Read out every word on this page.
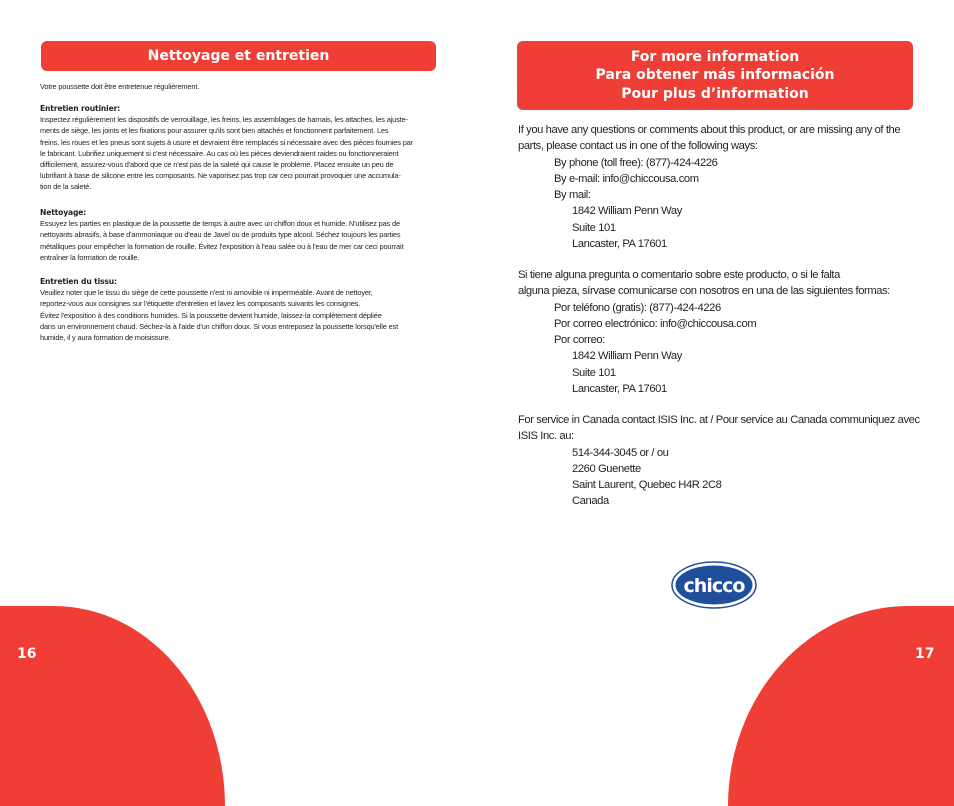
Nettoyage et entretien
Votre poussette doit être entretenue régulièrement.
Entretien routinier:
Inspectez régulièrement les dispositifs de verrouillage, les freins, les assemblages de harnais, les attaches, les ajuste-
ments de siège, les joints et les fixations pour assurer qu'ils sont bien attachés et fonctionnent parfaitement. Les
freins, les roues et les pneus sont sujets à usure et devraient être remplacés si nécessaire avec des pièces fournies par
le fabricant. Lubrifiez uniquement si c'est nécessaire. Au cas où les pièces deviendraient raides ou fonctionneraient
difficilement, assurez-vous d'abord que ce n'est pas de la saleté qui cause le problème. Placez ensuite un peu de
lubrifiant à base de silicone entre les composants. Ne vaporisez pas trop car ceci pourrait provoquer une accumula-
tion de la saleté.
Nettoyage:
Essuyez les parties en plastique de la poussette de temps à autre avec un chiffon doux et humide. N'utilisez pas de
nettoyants abrasifs, à base d'ammoniaque ou d'eau de Javel ou de produits type alcool. Séchez toujours les parties
métalliques pour empêcher la formation de rouille. Évitez l'exposition à l'eau salée ou à l'eau de mer car ceci pourrait
entraîner la formation de rouille.
Entretien du tissu:
Veuillez noter que le tissu du siège de cette poussette n'est ni amovible ni imperméable. Avant de nettoyer,
reportez-vous aux consignes sur l'étiquette d'entretien et lavez les composants suivants les consignes.
Évitez l'exposition à des conditions humides. Si la poussette devient humide, laissez-la complètement dépliée
dans un environnement chaud. Séchez-la à l'aide d'un chiffon doux. Si vous entreposez la poussette lorsqu'elle est
humide, il y aura formation de moisissure.
16
For more information
Para obtener más información
Pour plus d’information
If you have any questions or comments about this product, or are missing any of the
parts, please contact us in one of the following ways:
By phone (toll free): (877)-424-4226
By e-mail: info@chiccousa.com
By mail:
1842 William Penn Way
Suite 101
Lancaster, PA 17601
Si tiene alguna pregunta o comentario sobre este producto, o si le falta
alguna pieza, sírvase comunicarse con nosotros en una de las siguientes formas:
Por teléfono (gratis): (877)-424-4226
Por correo electrónico: info@chiccousa.com
Por correo:
1842 William Penn Way
Suite 101
Lancaster, PA 17601
For service in Canada contact ISIS Inc. at / Pour service au Canada communiquez avec
ISIS Inc. au:
514-344-3045 or / ou
2260 Guenette
Saint Laurent, Quebec H4R 2C8
Canada
chicco
17
